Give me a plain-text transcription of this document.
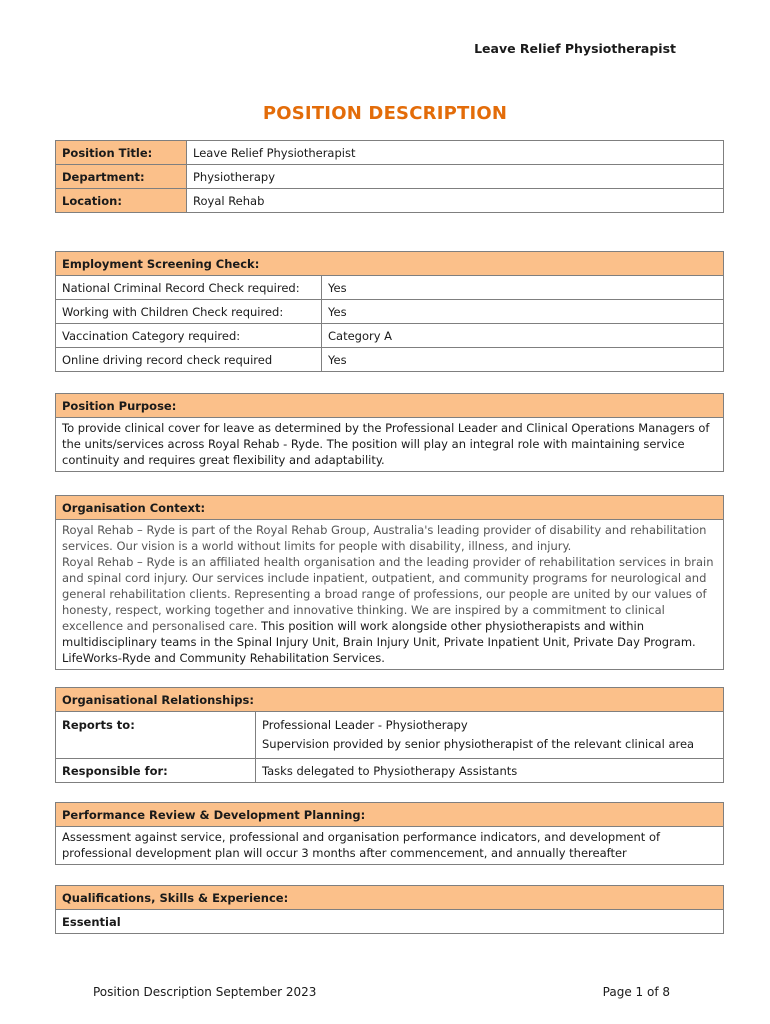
Leave Relief Physiotherapist
POSITION DESCRIPTION
Position Title:	Leave Relief Physiotherapist
Department:	Physiotherapy
Location:	Royal Rehab
Employment Screening Check:	
National Criminal Record Check required:	Yes
Working with Children Check required:	Yes
Vaccination Category required:	Category A
Online driving record check required	Yes
Position Purpose:
To provide clinical cover for leave as determined by the Professional Leader and Clinical Operations Managers of the units/services across Royal Rehab - Ryde. The position will play an integral role with maintaining service continuity and requires great flexibility and adaptability.
Organisation Context:

Royal Rehab – Ryde is part of the Royal Rehab Group, Australia's leading provider of disability and rehabilitation services. Our vision is a world without limits for people with disability, illness, and injury.
Royal Rehab – Ryde is an affiliated health organisation and the leading provider of rehabilitation services in brain and spinal cord injury. Our services include inpatient, outpatient, and community programs for neurological and general rehabilitation clients. Representing a broad range of professions, our people are united by our values of honesty, respect, working together and innovative thinking. We are inspired by a commitment to clinical excellence and personalised care. This position will work alongside other physiotherapists and within multidisciplinary teams in the Spinal Injury Unit, Brain Injury Unit, Private Inpatient Unit, Private Day Program. LifeWorks-Ryde and Community Rehabilitation Services.
Organisational Relationships:	
Reports to:	Professional Leader - Physiotherapy
Supervision provided by senior physiotherapist of the relevant clinical area

Responsible for:	Tasks delegated to Physiotherapy Assistants
Performance Review & Development Planning:
Assessment against service, professional and organisation performance indicators, and development of professional development plan will occur 3 months after commencement, and annually thereafter
Qualifications, Skills & Experience:
Essential
Position Description September 2023	Page 1 of 8
